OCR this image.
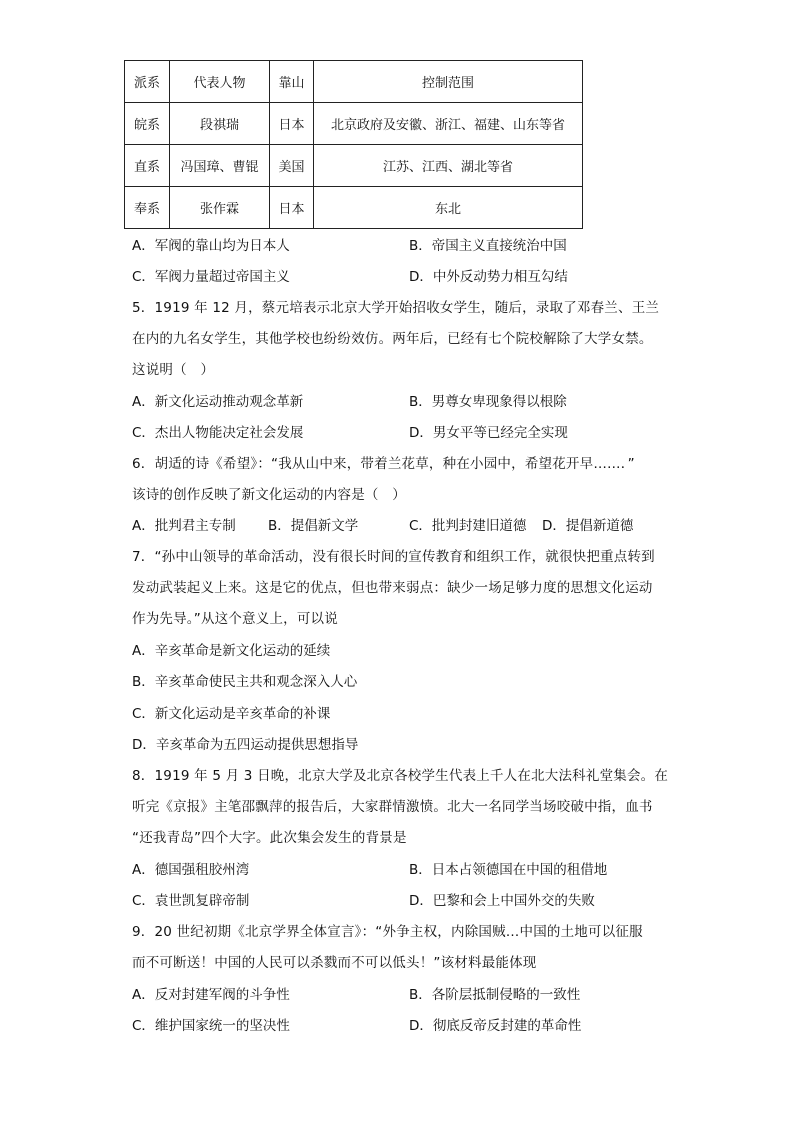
派系	代表人物	靠山	控制范围
皖系	段祺瑞	日本	北京政府及安徽、浙江、福建、山东等省
直系	冯国璋、曹锟	美国	江苏、江西、湖北等省
奉系	张作霖	日本	东北
A．军阀的靠山均为日本人	B．帝国主义直接统治中国
C．军阀力量超过帝国主义	D．中外反动势力相互勾结
5．1919 年 12 月，蔡元培表示北京大学开始招收女学生，随后，录取了邓春兰、王兰
在内的九名女学生，其他学校也纷纷效仿。两年后，已经有七个院校解除了大学女禁。
这说明（　）
A．新文化运动推动观念革新	B．男尊女卑现象得以根除
C．杰出人物能决定社会发展	D．男女平等已经完全实现
6．胡适的诗《希望》：“我从山中来，带着兰花草，种在小园中，希望花开早……．”
该诗的创作反映了新文化运动的内容是（　）
A．批判君主专制 B．提倡新文学	C．批判封建旧道德 D．提倡新道德
7．“孙中山领导的革命活动，没有很长时间的宣传教育和组织工作，就很快把重点转到
发动武装起义上来。这是它的优点，但也带来弱点：缺少一场足够力度的思想文化运动
作为先导。”从这个意义上，可以说
A．辛亥革命是新文化运动的延续
B．辛亥革命使民主共和观念深入人心
C．新文化运动是辛亥革命的补课
D．辛亥革命为五四运动提供思想指导
8．1919 年 5 月 3 日晚，北京大学及北京各校学生代表上千人在北大法科礼堂集会。在
听完《京报》主笔邵飘萍的报告后，大家群情激愤。北大一名同学当场咬破中指，血书
“还我青岛”四个大字。此次集会发生的背景是
A．德国强租胶州湾	B．日本占领德国在中国的租借地
C．袁世凯复辟帝制	D．巴黎和会上中国外交的失败
9．20 世纪初期《北京学界全体宣言》：“外争主权，内除国贼…中国的土地可以征服
而不可断送！中国的人民可以杀戮而不可以低头！”该材料最能体现
A．反对封建军阀的斗争性	B．各阶层抵制侵略的一致性
C．维护国家统一的坚决性	D．彻底反帝反封建的革命性
